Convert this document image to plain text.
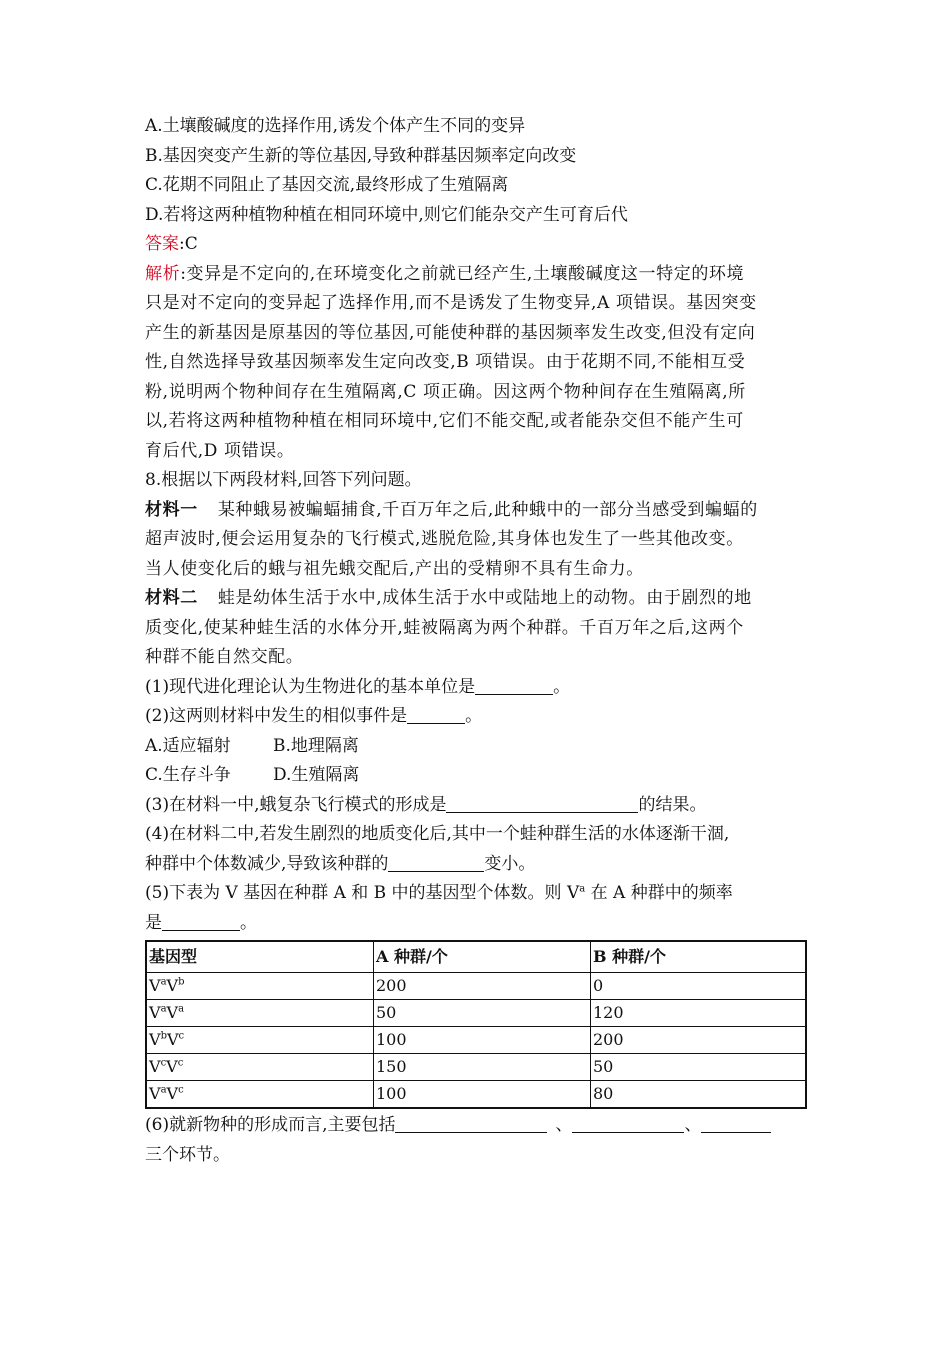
A.土壤酸碱度的选择作用,诱发个体产生不同的变异
B.基因突变产生新的等位基因,导致种群基因频率定向改变
C.花期不同阻止了基因交流,最终形成了生殖隔离
D.若将这两种植物种植在相同环境中,则它们能杂交产生可育后代
答案:C
解析:变异是不定向的,在环境变化之前就已经产生,土壤酸碱度这一特定的环境
只是对不定向的变异起了选择作用,而不是诱发了生物变异,A 项错误。基因突变
产生的新基因是原基因的等位基因,可能使种群的基因频率发生改变,但没有定向
性,自然选择导致基因频率发生定向改变,B 项错误。由于花期不同,不能相互受
粉,说明两个物种间存在生殖隔离,C 项正确。因这两个物种间存在生殖隔离,所
以,若将这两种植物种植在相同环境中,它们不能交配,或者能杂交但不能产生可
育后代,D 项错误。
8.根据以下两段材料,回答下列问题。
材料一 某种蛾易被蝙蝠捕食,千百万年之后,此种蛾中的一部分当感受到蝙蝠的
超声波时,便会运用复杂的飞行模式,逃脱危险,其身体也发生了一些其他改变。
当人使变化后的蛾与祖先蛾交配后,产出的受精卵不具有生命力。
材料二 蛙是幼体生活于水中,成体生活于水中或陆地上的动物。由于剧烈的地
质变化,使某种蛙生活的水体分开,蛙被隔离为两个种群。千百万年之后,这两个
种群不能自然交配。
(1)现代进化理论认为生物进化的基本单位是	。
(2)这两则材料中发生的相似事件是	。
A.适应辐射 B.地理隔离
C.生存斗争 D.生殖隔离
(3)在材料一中,蛾复杂飞行模式的形成是	的结果。
(4)在材料二中,若发生剧烈的地质变化后,其中一个蛙种群生活的水体逐渐干涸,
种群中个体数减少,导致该种群的	变小。
(5)下表为 V 基因在种群 A 和 B 中的基因型个体数。则 $V^a$ 在 A 种群中的频率
是	。
基因型	A 种群/个	B 种群/个
$V^aV^b$	200	0
$V^aV^a$	50	120
$V^bV^c$	100	200
$V^cV^c$	150	50
$V^aV^c$	100	80
(6)就新物种的形成而言,主要包括	、	、
三个环节。
